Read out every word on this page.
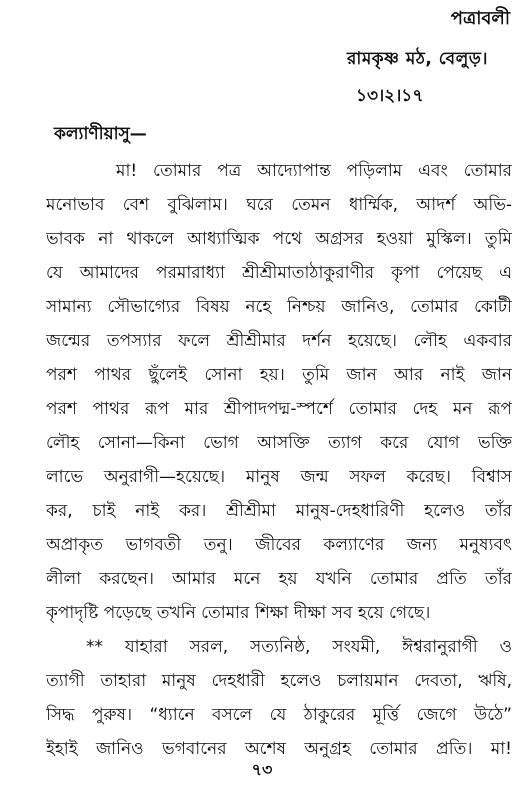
পত্রাবলী
রামকৃষ্ণ মঠ, বেলুড়।
১৩।২।১৭
কল্যাণীয়াসু—
মা! তোমার পত্র আদ্যোপান্ত পড়িলাম এবং তোমার
মনোভাব বেশ বুঝিলাম। ঘরে তেমন ধার্ম্মিক, আদর্শ অভি-
ভাবক না থাকলে আধ্যাত্মিক পথে অগ্রসর হওয়া মুস্কিল। তুমি
যে আমাদের পরমারাধ্যা শ্রীশ্রীমাতাঠাকুরাণীর কৃপা পেয়েছ এ
সামান্য সৌভাগ্যের বিষয় নহে নিশ্চয় জানিও, তোমার কোটী
জন্মের তপস্যার ফলে শ্রীশ্রীমার দর্শন হয়েছে। লৌহ একবার
পরশ পাথর ছুঁলেই সোনা হয়। তুমি জান আর নাই জান
পরশ পাথর রূপ মার শ্রীপাদপদ্ম-স্পর্শে তোমার দেহ মন রূপ
লৌহ সোনা—কিনা ভোগ আসক্তি ত্যাগ করে যোগ ভক্তি
লাভে অনুরাগী—হয়েছে। মানুষ জন্ম সফল করেছ। বিশ্বাস
কর, চাই নাই কর। শ্রীশ্রীমা মানুষ-দেহধারিণী হলেও তাঁর
অপ্রাকৃত ভাগবতী তনু। জীবের কল্যাণের জন্য মনুষ্যবৎ
লীলা করছেন। আমার মনে হয় যখনি তোমার প্রতি তাঁর
কৃপাদৃষ্টি পড়েছে তখনি তোমার শিক্ষা দীক্ষা সব হয়ে গেছে।
** যাহারা সরল, সত্যনিষ্ঠ, সংযমী, ঈশ্বরানুরাগী ও
ত্যাগী তাহারা মানুষ দেহধারী হলেও চলায়মান দেবতা, ঋষি,
সিদ্ধ পুরুষ। “ধ্যানে বসলে যে ঠাকুরের মূর্ত্তি জেগে উঠে”
ইহাই জানিও ভগবানের অশেষ অনুগ্রহ তোমার প্রতি। মা!
৭৩
